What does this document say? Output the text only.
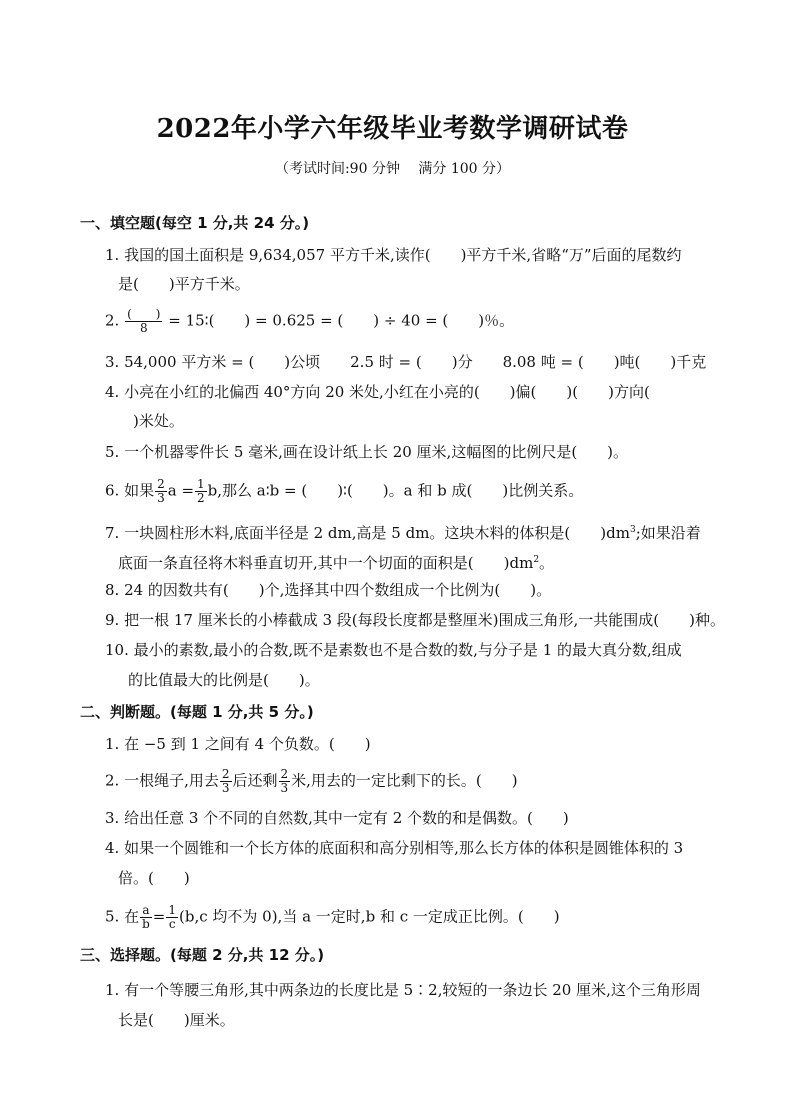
2022年小学六年级毕业考数学调研试卷
（考试时间:90 分钟　 满分 100 分）
一、填空题(每空 1 分,共 24 分。)
1. 我国的国土面积是 9,634,057 平方千米,读作(　　)平方千米,省略“万”后面的尾数约
是(　　)平方千米。
2. $\frac{( )}{8}$ = 15∶(　　) = 0.625 = (　　) ÷ 40 = (　　)％。
3. 54,000 平方米 = (　　)公顷　　2.5 时 = (　　)分　　8.08 吨 = (　　)吨(　　)千克
4. 小亮在小红的北偏西 40°方向 20 米处,小红在小亮的(　　)偏(　　)(　　)方向(
　)米处。
5. 一个机器零件长 5 毫米,画在设计纸上长 20 厘米,这幅图的比例尺是(　　)。
6. 如果 $\frac{2}{3}$ $a = \frac{1}{2} b$,那么 a∶b = (　　)∶(　　)。a 和 b 成(　　)比例关系。
7. 一块圆柱形木料,底面半径是 2 dm,高是 5 dm。这块木料的体积是(　　)$dm^3$;如果沿着
底面一条直径将木料垂直切开,其中一个切面的面积是(　　)$dm^2$。
8. 24 的因数共有(　　)个,选择其中四个数组成一个比例为(　　)。
9. 把一根 17 厘米长的小棒截成 3 段(每段长度都是整厘米)围成三角形,一共能围成(　　)种。
10. 最小的素数,最小的合数,既不是素数也不是合数的数,与分子是 1 的最大真分数,组成
的比值最大的比例是(　　)。
二、判断题。(每题 1 分,共 5 分。)
1. 在 −5 到 1 之间有 4 个负数。(　　)
2. 一根绳子,用去 $\frac{2}{3}$ 后还剩 $\frac{2}{3}$ 米,用去的一定比剩下的长。(　　)
3. 给出任意 3 个不同的自然数,其中一定有 2 个数的和是偶数。(　　)
4. 如果一个圆锥和一个长方体的底面积和高分别相等,那么长方体的体积是圆锥体积的 3
倍。(　　)
5. 在 $\frac{a}{b} = \frac{1}{c} (b,c$ 均不为 0),当 a 一定时,b 和 c 一定成正比例。(　　)
三、选择题。(每题 2 分,共 12 分。)
1. 有一个等腰三角形,其中两条边的长度比是 5∶2,较短的一条边长 20 厘米,这个三角形周
长是(　　)厘米。
